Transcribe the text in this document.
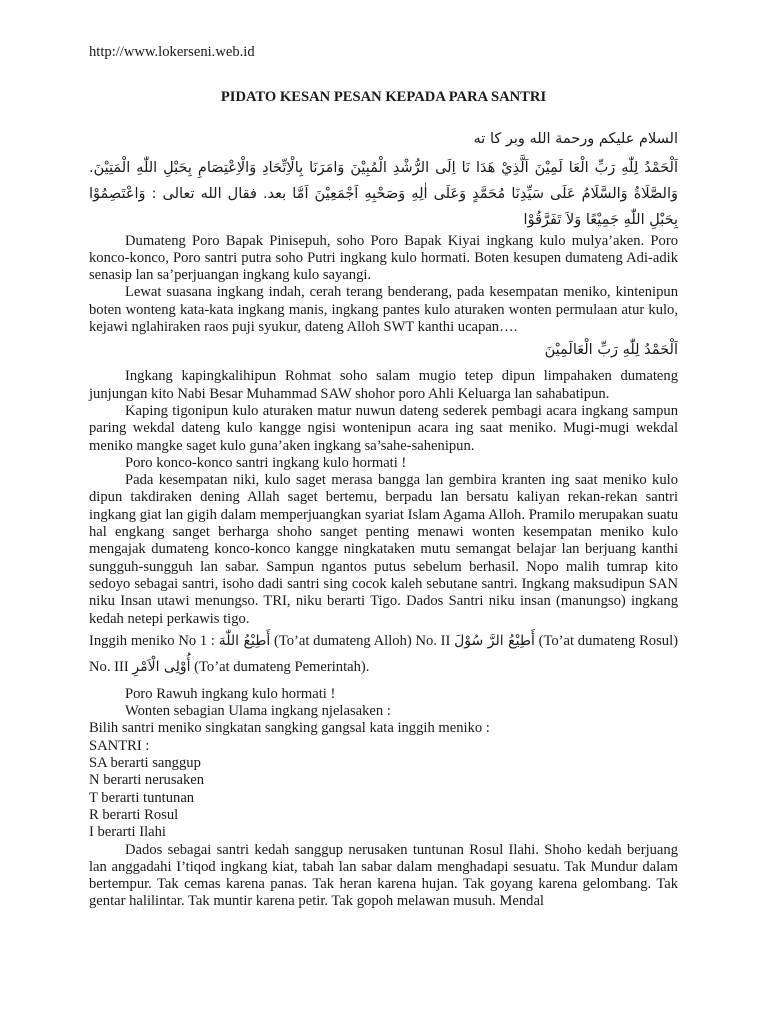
http://www.lokerseni.web.id
PIDATO KESAN PESAN KEPADA PARA SANTRI
السلام عليكم ورحمة الله وبر كا ته
اَلْحَمْدُ لِلّٰهِ رَبِّ الْعَا لَمِيْنَ اَلَّذِيْ هَدَا نَا اِلَى الرُّشْدِ الْمُبِيْنَ وَامَرَنَا بِالْاِتِّحَادِ وَالْاِعْتِصَامِ بِحَبْلِ اللّٰهِ الْمَتِيْنَ. وَالصَّلَاةُ وَالسَّلَامُ عَلَى سَيِّدِنَا مُحَمَّدٍ وَعَلَى اٰلِهِ وَصَحْبِهِ اَجْمَعِيْنَ اَمَّا بعد. فقال الله تعالى : وَاعْتَصِمُوْا بِحَبْلِ اللّٰهِ جَمِيْعًا وَلاَ تَفَرَّقُوْا

Dumateng Poro Bapak Pinisepuh, soho Poro Bapak Kiyai ingkang kulo mulya’aken. Poro konco-konco, Poro santri putra soho Putri ingkang kulo hormati. Boten kesupen dumateng Adi-adik senasip lan sa’perjuangan ingkang kulo sayangi.

Lewat suasana ingkang indah, cerah terang benderang, pada kesempatan meniko, kintenipun boten wonteng kata-kata ingkang manis, ingkang pantes kulo aturaken wonten permulaan atur kulo, kejawi nglahiraken raos puji syukur, dateng Alloh SWT kanthi ucapan….

اَلْحَمْدُ لِلّٰهِ رَبِّ الْعَالَمِيْنَ

Ingkang kapingkalihipun Rohmat soho salam mugio tetep dipun limpahaken dumateng junjungan kito Nabi Besar Muhammad SAW shohor poro Ahli Keluarga lan sahabatipun.

Kaping tigonipun kulo aturaken matur nuwun dateng sederek pembagi acara ingkang sampun paring wekdal dateng kulo kangge ngisi wontenipun acara ing saat meniko. Mugi-mugi wekdal meniko mangke saget kulo guna’aken ingkang sa’sahe-sahenipun.

Poro konco-konco santri ingkang kulo hormati !

Pada kesempatan niki, kulo saget merasa bangga lan gembira kranten ing saat meniko kulo dipun takdiraken dening Allah saget bertemu, berpadu lan bersatu kaliyan rekan-rekan santri ingkang giat lan gigih dalam memperjuangkan syariat Islam Agama Alloh. Pramilo merupakan suatu hal engkang sanget berharga shoho sanget penting menawi wonten kesempatan meniko kulo mengajak dumateng konco-konco kangge ningkataken mutu semangat belajar lan berjuang kanthi sungguh-sungguh lan sabar. Sampun ngantos putus sebelum berhasil. Nopo malih tumrap kito sedoyo sebagai santri, isoho dadi santri sing cocok kaleh sebutane santri. Ingkang maksudipun SAN niku Insan utawi menungso. TRI, niku berarti Tigo. Dados Santri niku insan (manungso) ingkang kedah netepi perkawis tigo.

Inggih meniko No 1 : أَطِيْعُ اللّٰهَ (To’at dumateng Alloh) No. II أَطِيْعُ الرَّ سُوْلَ (To’at dumateng Rosul) No. III أُوْلِى الْاَمْرِ (To’at dumateng Pemerintah).

Poro Rawuh ingkang kulo hormati !

Wonten sebagian Ulama ingkang njelasaken :

Bilih santri meniko singkatan sangking gangsal kata inggih meniko :

SANTRI :

SA berarti sanggup

N berarti nerusaken

T berarti tuntunan

R berarti Rosul

I berarti Ilahi

Dados sebagai santri kedah sanggup nerusaken tuntunan Rosul Ilahi. Shoho kedah berjuang lan anggadahi I’tiqod ingkang kiat, tabah lan sabar dalam menghadapi sesuatu. Tak Mundur dalam bertempur. Tak cemas karena panas. Tak heran karena hujan. Tak goyang karena gelombang. Tak gentar halilintar. Tak muntir karena petir. Tak gopoh melawan musuh. Mendal
